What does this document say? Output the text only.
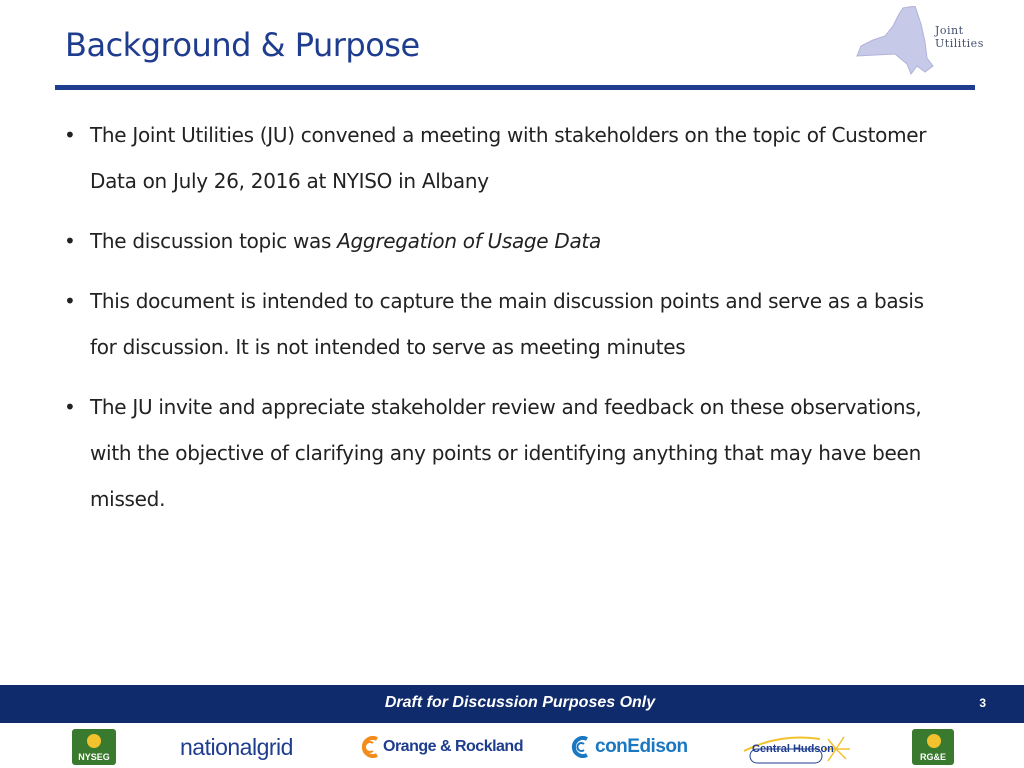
Background & Purpose	Joint
Utilities
• The Joint Utilities (JU) convened a meeting with stakeholders on the topic of Customer Data on July 26, 2016 at NYISO in Albany
• The discussion topic was Aggregation of Usage Data
• This document is intended to capture the main discussion points and serve as a basis for discussion. It is not intended to serve as meeting minutes
• The JU invite and appreciate stakeholder review and feedback on these observations, with the objective of clarifying any points or identifying anything that may have been missed.
Draft for Discussion Purposes Only	3
NYSEG	nationalgrid	Orange & Rockland	conEdison	Central Hudson
RG&E
